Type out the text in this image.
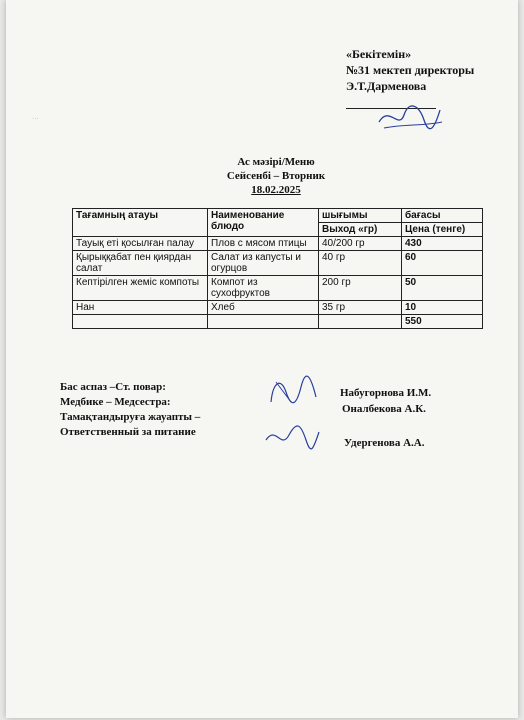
...
«Бекітемін»
№31 мектеп директоры
Э.Т.Дарменова
Ас мәзірі/Меню
Сейсенбі – Вторник
18.02.2025
Тағамның атауы	Наименование блюдо	шығымы	бағасы
		Выход «гр)	Цена (тенге)
Тауық еті қосылған палау	Плов с мясом птицы	40/200 гр	430
Қырыққабат пен қиярдан салат	Салат из капусты и огурцов	40 гр	60
Кептірілген жеміс компоты	Компот из сухофруктов	200 гр	50
Нан	Хлеб	35 гр	10
			550
Бас аспаз –Ст. повар:
Медбике – Медсестра:
Тамақтандыруға жауапты –
Ответственный за питание
Набугорнова И.М.
Оналбекова А.К.
Удергенова А.А.
